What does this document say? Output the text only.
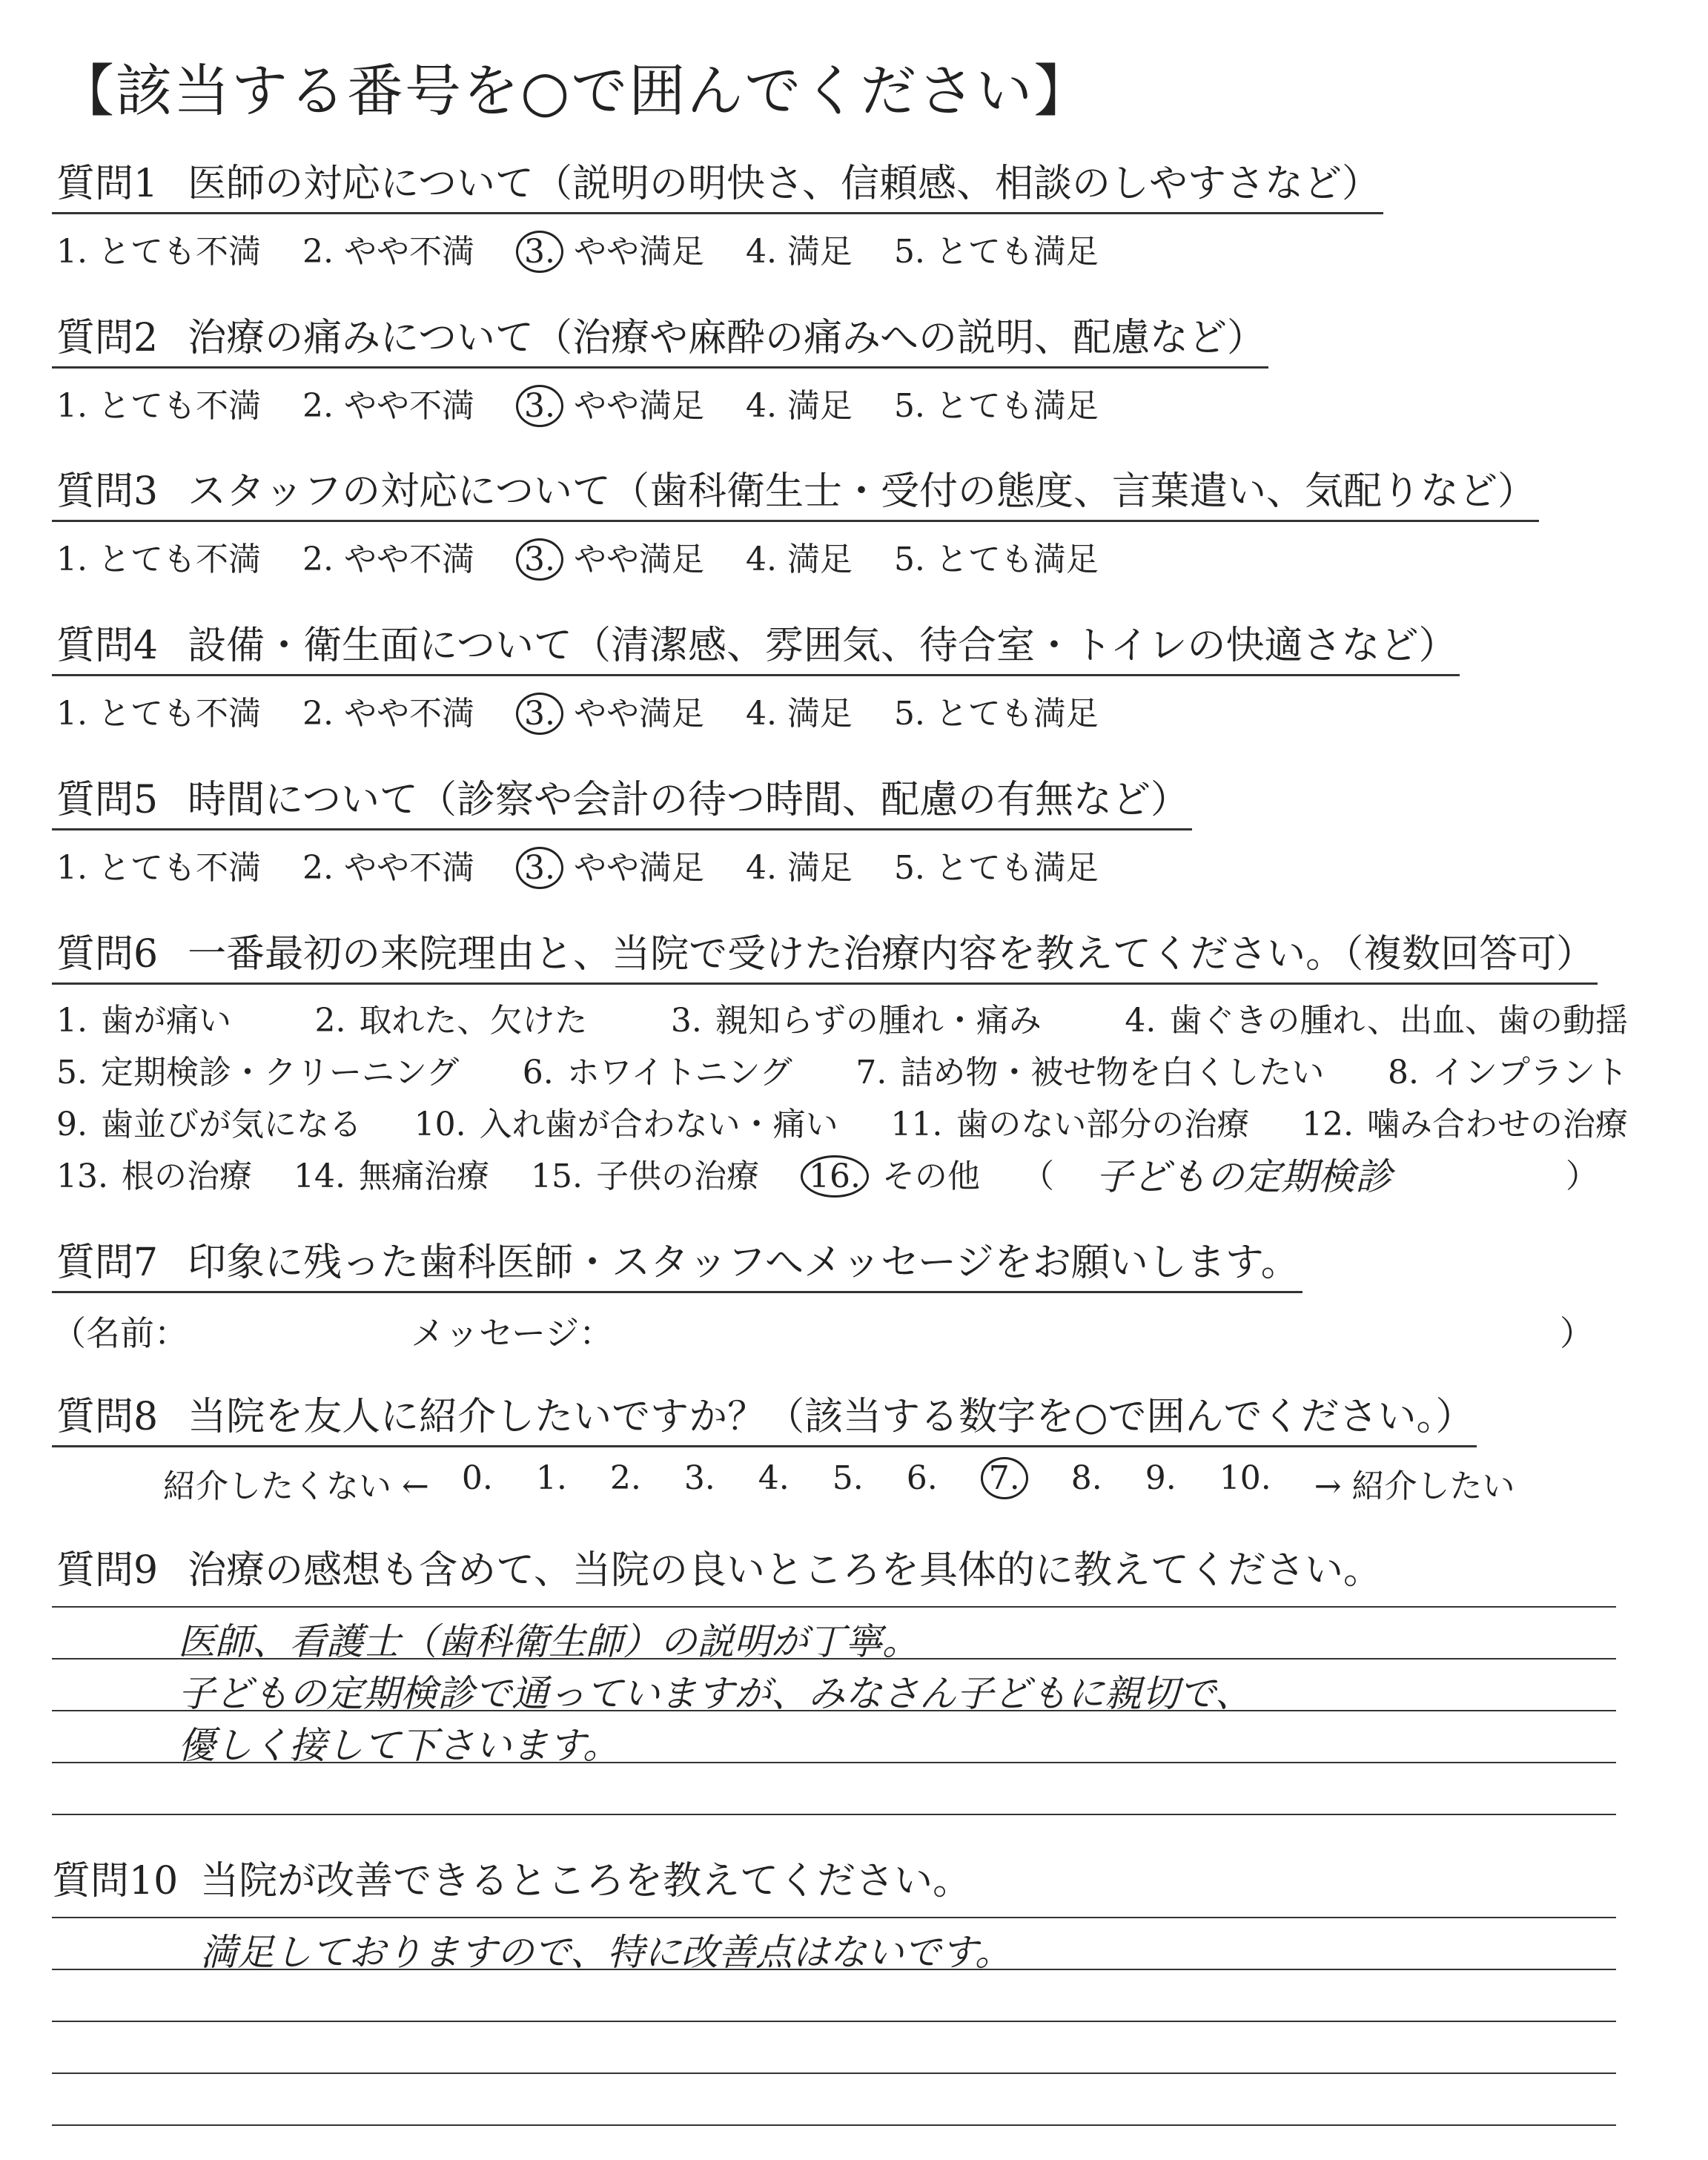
【該当する番号を○で囲んでください】
質問1 医師の対応について（説明の明快さ、信頼感、相談のしやすさなど）
1. とても不満 2. やや不満 3. やや満足 4. 満足 5. とても満足
質問2 治療の痛みについて（治療や麻酔の痛みへの説明、配慮など）
1. とても不満 2. やや不満 3. やや満足 4. 満足 5. とても満足
質問3 スタッフの対応について（歯科衛生士・受付の態度、言葉遣い、気配りなど）
1. とても不満 2. やや不満 3. やや満足 4. 満足 5. とても満足
質問4 設備・衛生面について（清潔感、雰囲気、待合室・トイレの快適さなど）
1. とても不満 2. やや不満 3. やや満足 4. 満足 5. とても満足
質問5 時間について（診察や会計の待つ時間、配慮の有無など）
1. とても不満 2. やや不満 3. やや満足 4. 満足 5. とても満足
質問6 一番最初の来院理由と、当院で受けた治療内容を教えてください。（複数回答可）
1. 歯が痛い	2. 取れた、欠けた	3. 親知らずの腫れ・痛み	4. 歯ぐきの腫れ、出血、歯の動揺
5. 定期検診・クリーニング 6. ホワイトニング 7. 詰め物・被せ物を白くしたい 8. インプラント
9. 歯並びが気になる 10. 入れ歯が合わない・痛い 11. 歯のない部分の治療 12. 噛み合わせの治療
13. 根の治療 14. 無痛治療 15. 子供の治療 16. その他 （ 子どもの定期検診	）
質問7 印象に残った歯科医師・スタッフへメッセージをお願いします。
（名前：	メッセージ：	）
質問8 当院を友人に紹介したいですか？（該当する数字を○で囲んでください。）
紹介したくない ← 0.	1.	2.	3.	4.	5.	6.	7.	8.	9.	10.	→ 紹介したい
質問9 治療の感想も含めて、当院の良いところを具体的に教えてください。
医師、看護士（歯科衛生師）の説明が丁寧。
子どもの定期検診で通っていますが、みなさん子どもに親切で、
優しく接して下さいます。
質問10 当院が改善できるところを教えてください。
満足しておりますので、特に改善点はないです。
